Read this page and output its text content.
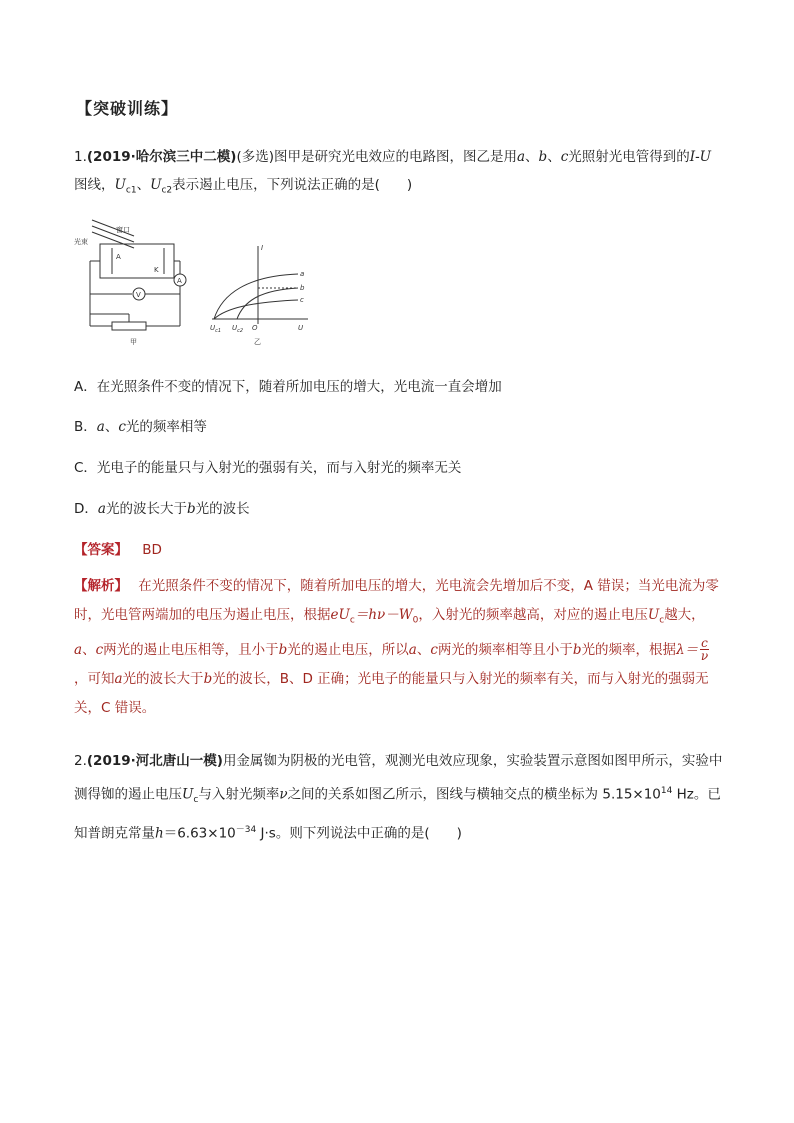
【突破训练】
1.(2019·哈尔滨三中二模)(多选)图甲是研究光电效应的电路图，图乙是用a、b、c光照射光电管得到的I-U图线，$U_{c1}$、$U_{c2}$表示遏止电压，下列说法正确的是(　　)
窗口
光束
A
K
A
V
甲	乙
I
U
O
$U_{c1}$ $U_{c2}$
a
b
c
A．在光照条件不变的情况下，随着所加电压的增大，光电流一直会增加
B．a、c光的频率相等
C．光电子的能量只与入射光的强弱有关，而与入射光的频率无关
D．a光的波长大于b光的波长
【答案】 BD
【解析】 在光照条件不变的情况下，随着所加电压的增大，光电流会先增加后不变，A 错误；当光电流为零时，光电管两端加的电压为遏止电压，根据$eU_c=h\nu-W_0$，入射光的频率越高，对应的遏止电压$U_c$越大，a、c两光的遏止电压相等，且小于b光的遏止电压，所以a、c两光的频率相等且小于b光的频率，根据$\lambda= \frac{c}{\nu}$
，可知a光的波长大于b光的波长，B、D 正确；光电子的能量只与入射光的频率有关，而与入射光的强弱无关，C 错误。
2.(2019·河北唐山一模)用金属铷为阴极的光电管，观测光电效应现象，实验装置示意图如图甲所示，实验中测得铷的遏止电压$U_c$与入射光频率ν之间的关系如图乙所示，图线与横轴交点的横坐标为 $5.15\times 10^{14}$ Hz。已知普朗克常量$h=6.63\times 10^{-34}$ J·s。则下列说法中正确的是(　　)
